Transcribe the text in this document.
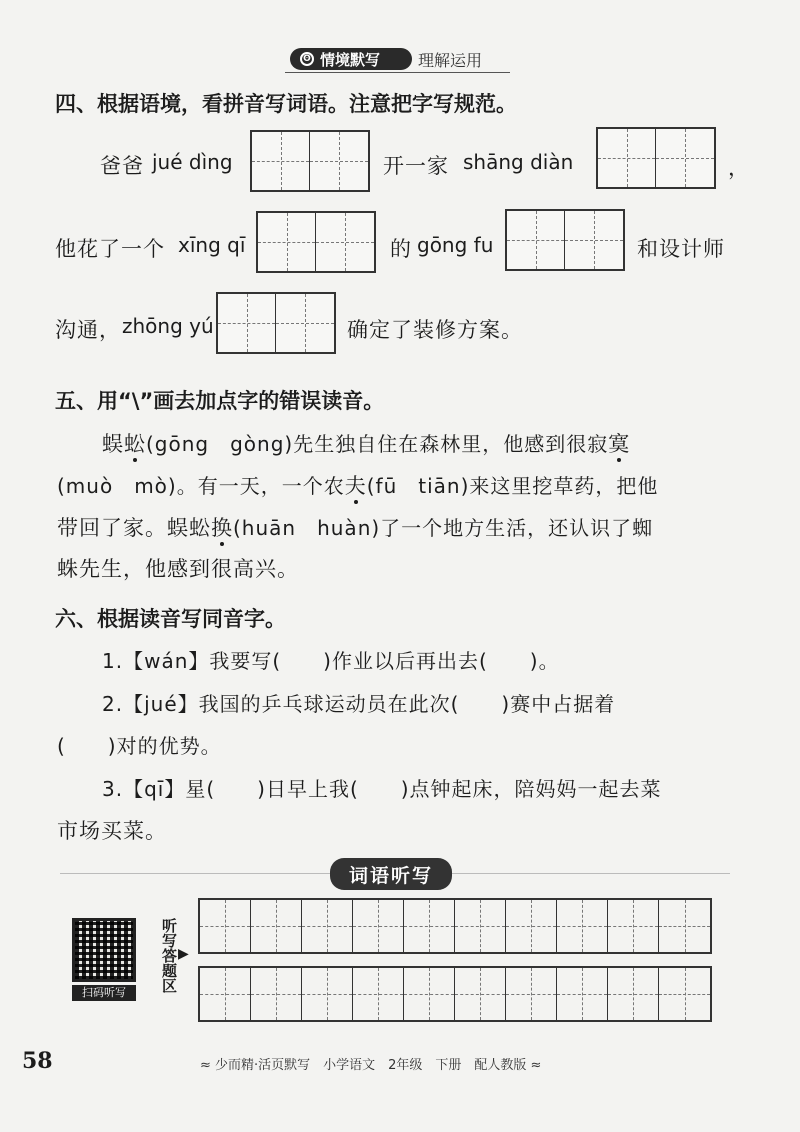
ʘ 情境默写 理解运用
四、根据语境，看拼音写词语。注意把字写规范。
爸爸 jué dìng	开一家 shāng diàn	，
他花了一个 xīng qī	的 gōng fu	和设计师
沟通， zhōng yú	确定了装修方案。
五、用“\”画去加点字的错误读音。
蜈蚣(gōng　gòng)先生独自住在森林里，他感到很寂寞
(muò　mò)。有一天，一个农夫(fū　tiān)来这里挖草药，把他
带回了家。蜈蚣换(huān　huàn)了一个地方生活，还认识了蜘
蛛先生，他感到很高兴。
六、根据读音写同音字。
1.【wán】我要写(　　)作业以后再出去(　　)。
2.【jué】我国的乒乓球运动员在此次(　　)赛中占据着
(　　)对的优势。
3.【qī】星(　　)日早上我(　　)点钟起床，陪妈妈一起去菜
市场买菜。
词语听写
扫码听写	听写答题区 ▶
58	≈ 少而精·活页默写　小学语文　2年级　下册　配人教版 ≈
